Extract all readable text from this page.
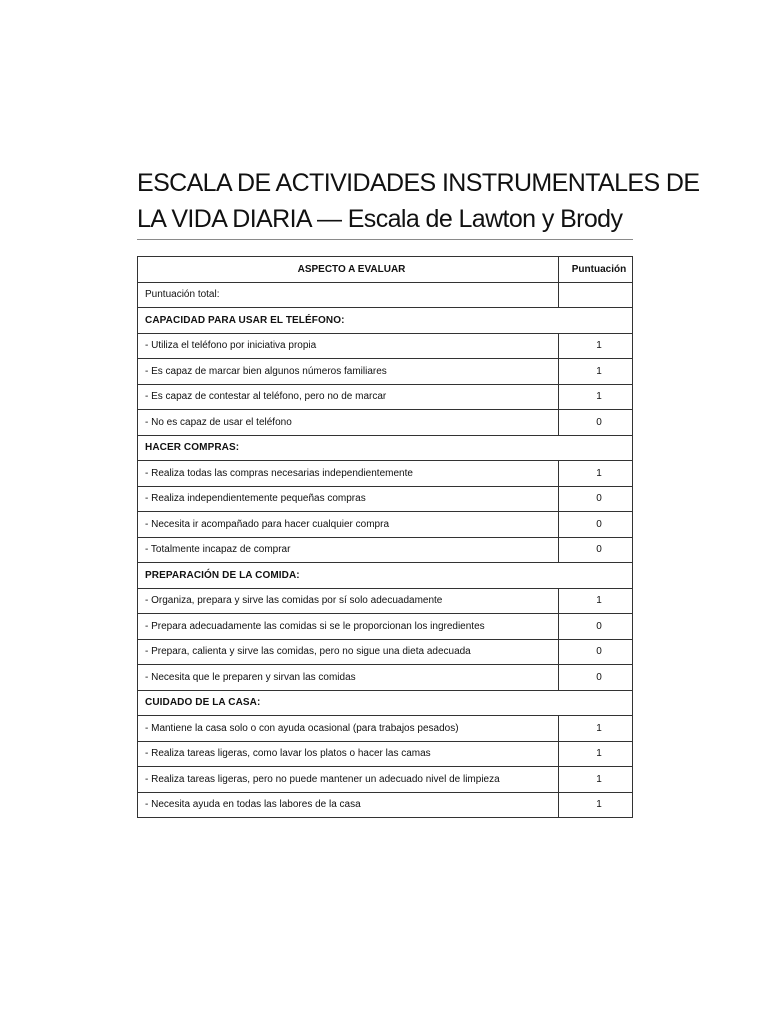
ESCALA DE ACTIVIDADES INSTRUMENTALES DE
LA VIDA DIARIA — Escala de Lawton y Brody
ASPECTO A EVALUAR	Puntuación
Puntuación total:	
CAPACIDAD PARA USAR EL TELÉFONO:	
- Utiliza el teléfono por iniciativa propia	1
- Es capaz de marcar bien algunos números familiares	1
- Es capaz de contestar al teléfono, pero no de marcar	1
- No es capaz de usar el teléfono	0
HACER COMPRAS:	
- Realiza todas las compras necesarias independientemente	1
- Realiza independientemente pequeñas compras	0
- Necesita ir acompañado para hacer cualquier compra	0
- Totalmente incapaz de comprar	0
PREPARACIÓN DE LA COMIDA:	
- Organiza, prepara y sirve las comidas por sí solo adecuadamente	1
- Prepara adecuadamente las comidas si se le proporcionan los ingredientes	0
- Prepara, calienta y sirve las comidas, pero no sigue una dieta adecuada	0
- Necesita que le preparen y sirvan las comidas	0
CUIDADO DE LA CASA:	
- Mantiene la casa solo o con ayuda ocasional (para trabajos pesados)	1
- Realiza tareas ligeras, como lavar los platos o hacer las camas	1
- Realiza tareas ligeras, pero no puede mantener un adecuado nivel de limpieza	1
- Necesita ayuda en todas las labores de la casa	1
